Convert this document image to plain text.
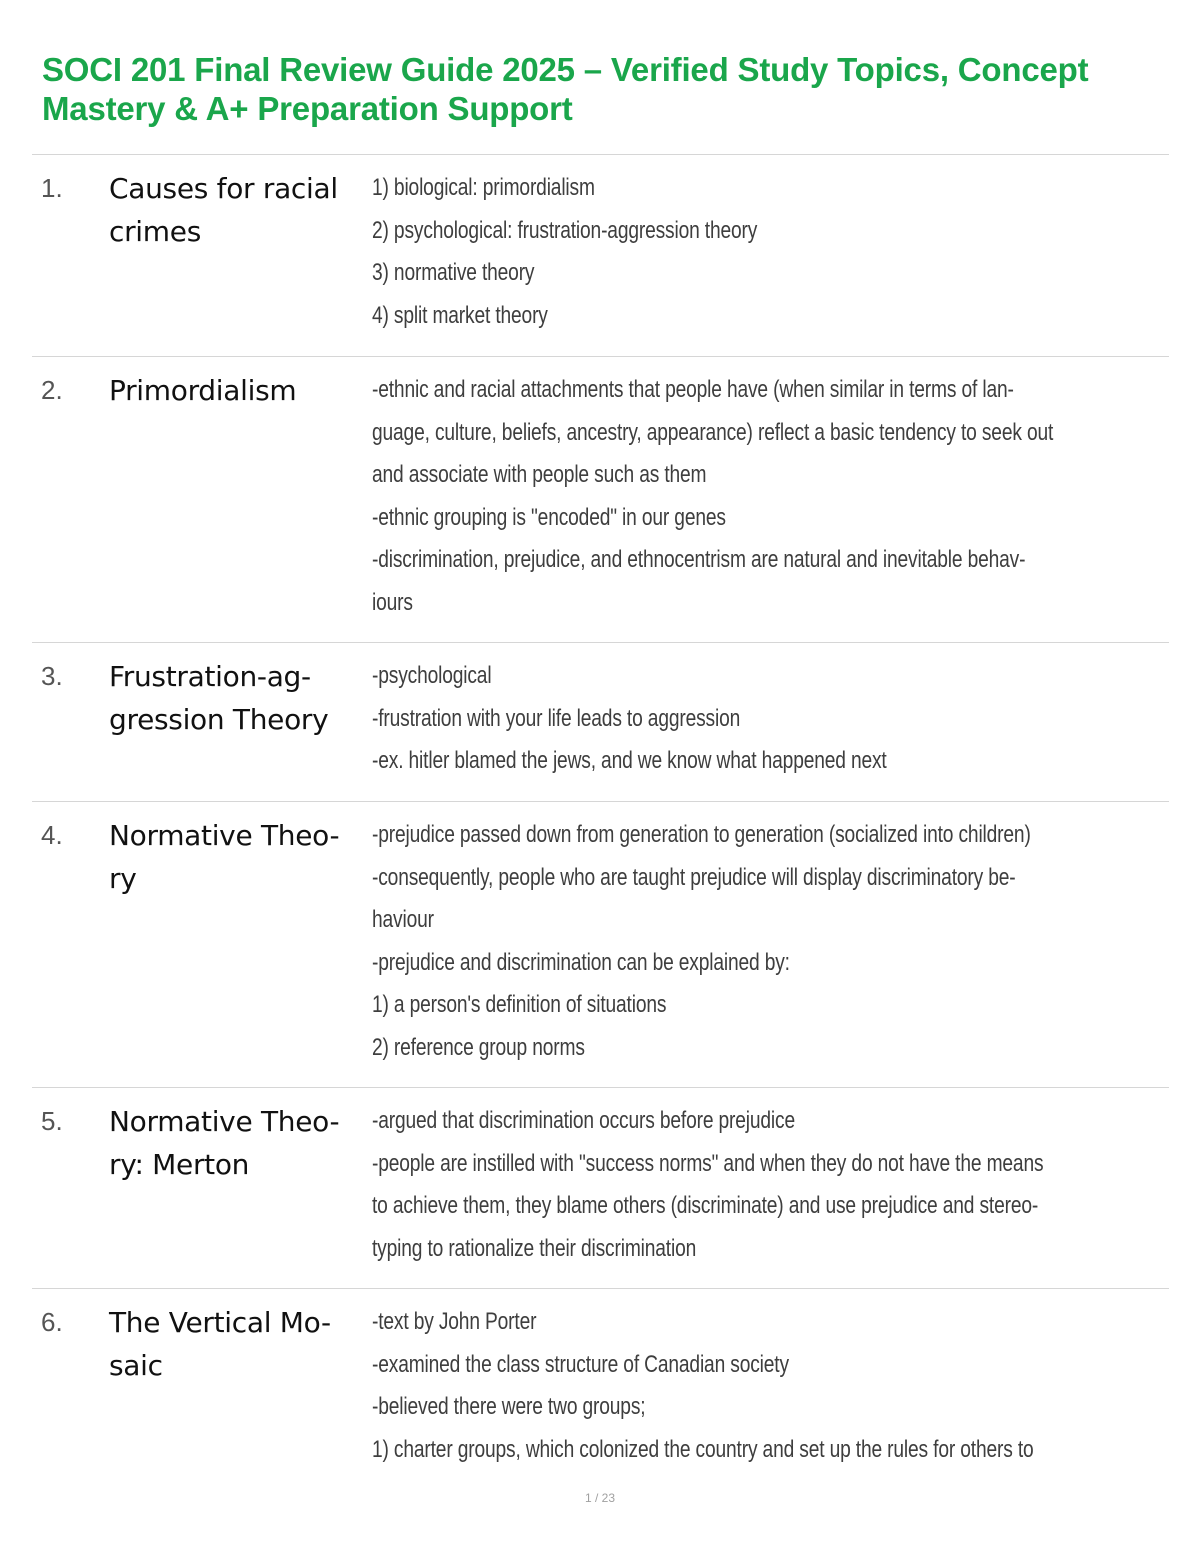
SOCI 201 Final Review Guide 2025 – Verified Study Topics, Concept
Mastery & A+ Preparation Support
1. Causes for racial
crimes
1) biological: primordialism
2) psychological: frustration-aggression theory
3) normative theory
4) split market theory
2. Primordialism	-ethnic and racial attachments that people have (when similar in terms of lan-
guage, culture, beliefs, ancestry, appearance) reflect a basic tendency to seek out
and associate with people such as them
-ethnic grouping is "encoded" in our genes
-discrimination, prejudice, and ethnocentrism are natural and inevitable behav-
iours
3. Frustration-ag-
gression Theory
-psychological
-frustration with your life leads to aggression
-ex. hitler blamed the jews, and we know what happened next
4. Normative Theo-
ry
-prejudice passed down from generation to generation (socialized into children)
-consequently, people who are taught prejudice will display discriminatory be-
haviour
-prejudice and discrimination can be explained by:
1) a person's definition of situations
2) reference group norms
5. Normative Theo-
ry: Merton
-argued that discrimination occurs before prejudice
-people are instilled with "success norms" and when they do not have the means
to achieve them, they blame others (discriminate) and use prejudice and stereo-
typing to rationalize their discrimination
6. The Vertical Mo-
saic
-text by John Porter
-examined the class structure of Canadian society
-believed there were two groups;
1) charter groups, which colonized the country and set up the rules for others to
1 / 23
